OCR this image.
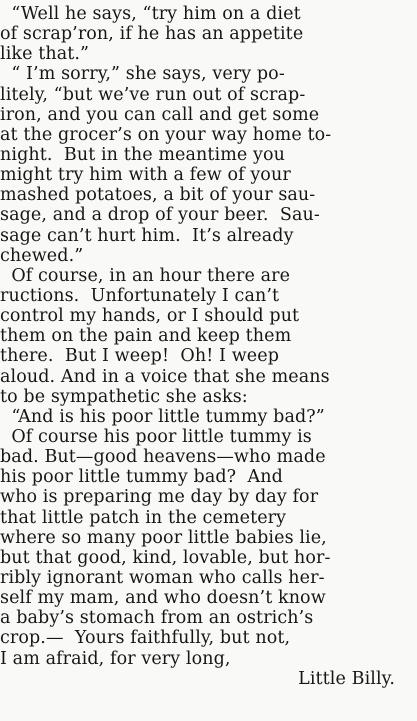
“Well he says, “try him on a diet
of scrap’ron, if he has an appetite
like that.”
“ I’m sorry,” she says, very po-
litely, “but we’ve run out of scrap-
iron, and you can call and get some
at the grocer’s on your way home to-
night.  But in the meantime you
might try him with a few of your
mashed potatoes, a bit of your sau-
sage, and a drop of your beer.  Sau-
sage can’t hurt him.  It’s already
chewed.”
Of course, in an hour there are
ructions.  Unfortunately I can’t
control my hands, or I should put
them on the pain and keep them
there.  But I weep!  Oh! I weep
aloud. And in a voice that she means
to be sympathetic she asks:
“And is his poor little tummy bad?”
Of course his poor little tummy is
bad. But—good heavens—who made
his poor little tummy bad?  And
who is preparing me day by day for
that little patch in the cemetery
where so many poor little babies lie,
but that good, kind, lovable, but hor-
ribly ignorant woman who calls her-
self my mam, and who doesn’t know
a baby’s stomach from an ostrich’s
crop.—  Yours faithfully, but not,
I am afraid, for very long,
Little Billy.
